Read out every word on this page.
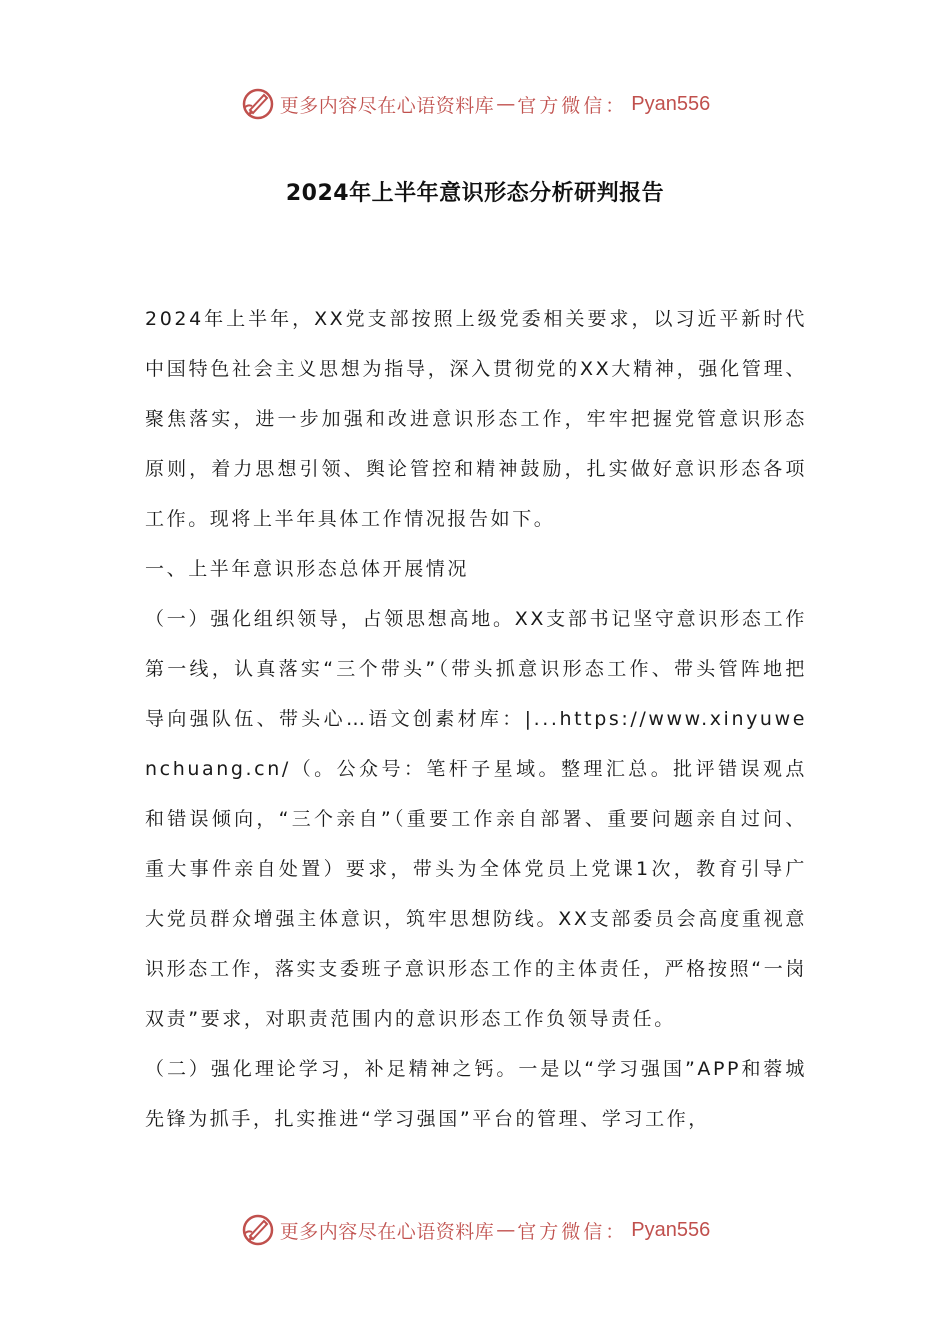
更多内容尽在心语资料库 — 官方微信： Pyan556
2024年上半年意识形态分析研判报告

2024年上半年，XX党支部按照上级党委相关要求，以习近平新时代中国特色社会主义思想为指导，深入贯彻党的XX大精神，强化管理、聚焦落实，进一步加强和改进意识形态工作，牢牢把握党管意识形态原则，着力思想引领、舆论管控和精神鼓励，扎实做好意识形态各项工作。现将上半年具体工作情况报告如下。

一、上半年意识形态总体开展情况

（一）强化组织领导，占领思想高地。XX支部书记坚守意识形态工作第一线，认真落实“三个带头”（带头抓意识形态工作、带头管阵地把导向强队伍、带头心…语文创素材库：|...https://www.xinyuwenchuang.cn/（。公众号：笔杆子星域。整理汇总。批评错误观点和错误倾向，“三个亲自”（重要工作亲自部署、重要问题亲自过问、重大事件亲自处置）要求，带头为全体党员上党课1次，教育引导广大党员群众增强主体意识，筑牢思想防线。XX支部委员会高度重视意识形态工作，落实支委班子意识形态工作的主体责任，严格按照“一岗双责”要求，对职责范围内的意识形态工作负领导责任。

（二）强化理论学习，补足精神之钙。一是以“学习强国”APP和蓉城先锋为抓手，扎实推进“学习强国”平台的管理、学习工作，

更多内容尽在心语资料库 — 官方微信： Pyan556
